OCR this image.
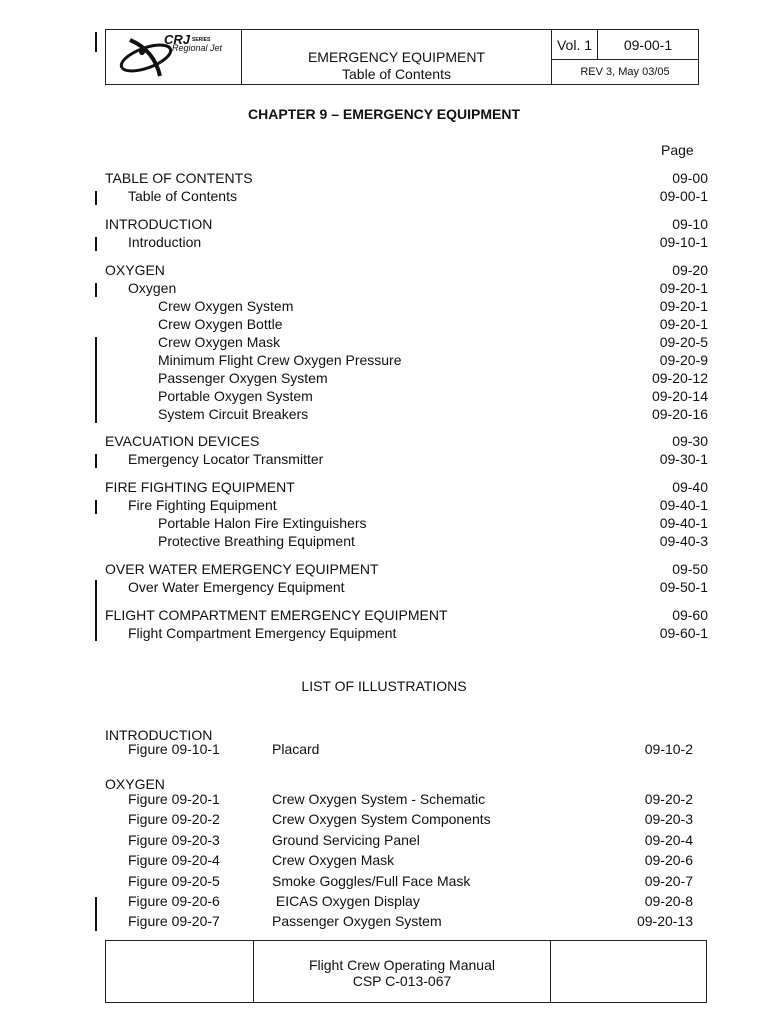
CRJ SERIES
Regional Jet
EMERGENCY EQUIPMENT
Table of Contents
Vol. 1	09-00-1
REV 3, May 03/05
CHAPTER 9 – EMERGENCY EQUIPMENT
Page
TABLE OF CONTENTS	09-00
Table of Contents	09-00-1
INTRODUCTION	09-10
Introduction	09-10-1
OXYGEN	09-20
Oxygen	09-20-1
Crew Oxygen System	09-20-1
Crew Oxygen Bottle	09-20-1
Crew Oxygen Mask	09-20-5
Minimum Flight Crew Oxygen Pressure	09-20-9
Passenger Oxygen System	09-20-12
Portable Oxygen System	09-20-14
System Circuit Breakers	09-20-16
EVACUATION DEVICES	09-30
Emergency Locator Transmitter	09-30-1
FIRE FIGHTING EQUIPMENT	09-40
Fire Fighting Equipment	09-40-1
Portable Halon Fire Extinguishers	09-40-1
Protective Breathing Equipment	09-40-3
OVER WATER EMERGENCY EQUIPMENT	09-50
Over Water Emergency Equipment	09-50-1
FLIGHT COMPARTMENT EMERGENCY EQUIPMENT	09-60
Flight Compartment Emergency Equipment	09-60-1
LIST OF ILLUSTRATIONS
INTRODUCTION
Figure 09-10-1	Placard	09-10-2
OXYGEN
Figure 09-20-1	Crew Oxygen System - Schematic	09-20-2
Figure 09-20-2	Crew Oxygen System Components	09-20-3
Figure 09-20-3	Ground Servicing Panel	09-20-4
Figure 09-20-4	Crew Oxygen Mask	09-20-6
Figure 09-20-5	Smoke Goggles/Full Face Mask	09-20-7
Figure 09-20-6	EICAS Oxygen Display	09-20-8
Figure 09-20-7	Passenger Oxygen System	09-20-13
Flight Crew Operating Manual
CSP C-013-067
